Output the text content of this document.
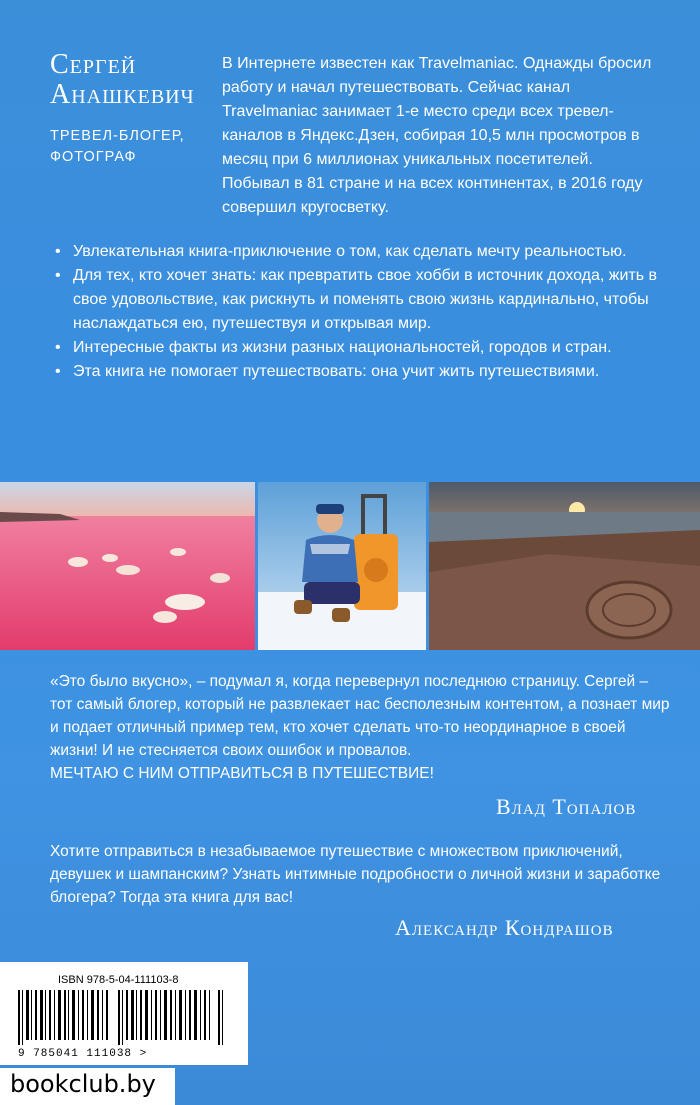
Сергей
Анашкевич
ТРЕВЕЛ-БЛОГЕР,
ФОТОГРАФ
В Интернете известен как Travelmaniac. Однажды бросил работу и начал путешествовать. Сейчас канал Travelmaniac занимает 1-е место среди всех тревел-каналов в Яндекс.Дзен, собирая 10,5 млн просмотров в месяц при 6 миллионах уникальных посетителей. Побывал в 81 стране и на всех континентах, в 2016 году совершил кругосветку.
• Увлекательная книга-приключение о том, как сделать мечту реальностью.
• Для тех, кто хочет знать: как превратить свое хобби в источник дохода, жить в свое удовольствие, как рискнуть и поменять свою жизнь кардинально, чтобы наслаждаться ею, путешествуя и открывая мир.
• Интересные факты из жизни разных национальностей, городов и стран.
• Эта книга не помогает путешествовать: она учит жить путешествиями.
«Это было вкусно», – подумал я, когда перевернул последнюю страницу. Сергей – тот самый блогер, который не развлекает нас бесполезным контентом, а познает мир и подает отличный пример тем, кто хочет сделать что-то неординарное в своей жизни! И не стесняется своих ошибок и провалов.
МЕЧТАЮ С НИМ ОТПРАВИТЬСЯ В ПУТЕШЕСТВИЕ!
Влад Топалов
Хотите отправиться в незабываемое путешествие с множеством приключений, девушек и шампанским? Узнать интимные подробности о личной жизни и заработке блогера? Тогда эта книга для вас!
Александр Кондрашов
ISBN 978-5-04-111103-8
9 785041 111038 >
bookclub.by
